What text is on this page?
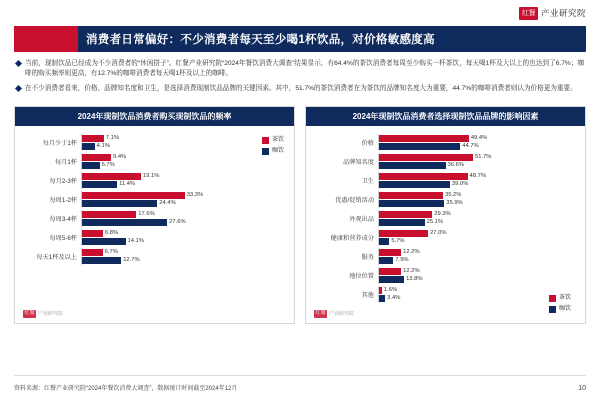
红餐 产业研究院
消费者日常偏好：不少消费者每天至少喝1杯饮品，对价格敏感度高
当前，现制饮品已经成为不少消费者的“休闲搭子”。红餐产业研究院“2024年餐饮消费大调查”结果显示，有64.4%的茶饮消费者每周至少购买一杯茶饮，每天喝1杯及大以上的也达到了6.7%；咖啡的购买频率则更高，有12.7%的咖啡消费者每天喝1杯及以上的咖啡。
在不少消费者看来，价格、品牌知名度和卫生，是选择消费现制饮品品牌的关键因素。其中，51.7%的茶饮消费者在为茶饮的品牌知名度大为重要，44.7%的咖啡消费者则认为价格更为重要。
2024年现制饮品消费者购买现制饮品的频率
茶饮
咖饮
每月少于1杯
7.1%
4.1%
每月1杯
9.4%
5.7%
每月2-3杯
19.1%
11.4%
每周1-2杯
33.3%
24.4%
每周3-4杯
17.6%
27.6%
每周5-6杯
6.8%
14.1%
每天1杯及以上
6.7%
12.7%
红餐 产业研究院
2024年现制饮品消费者选择现制饮品品牌的影响因素
价格
49.4%
44.7%
品牌知名度
51.7%
36.6%
卫生
48.7%
39.0%
优惠/促销活动
35.2%
35.9%
外观出品
29.3%
25.1%
健康和营养成分
27.0%
5.7%
服务
12.2%
7.9%
地位位置
12.2%
13.8%
其他
1.6%
3.4%	茶饮
咖饮
红餐 产业研究院
资料来源：红餐产业研究院“2024年餐饮消费大调查”，数据统计时间截至2024年12月	10
